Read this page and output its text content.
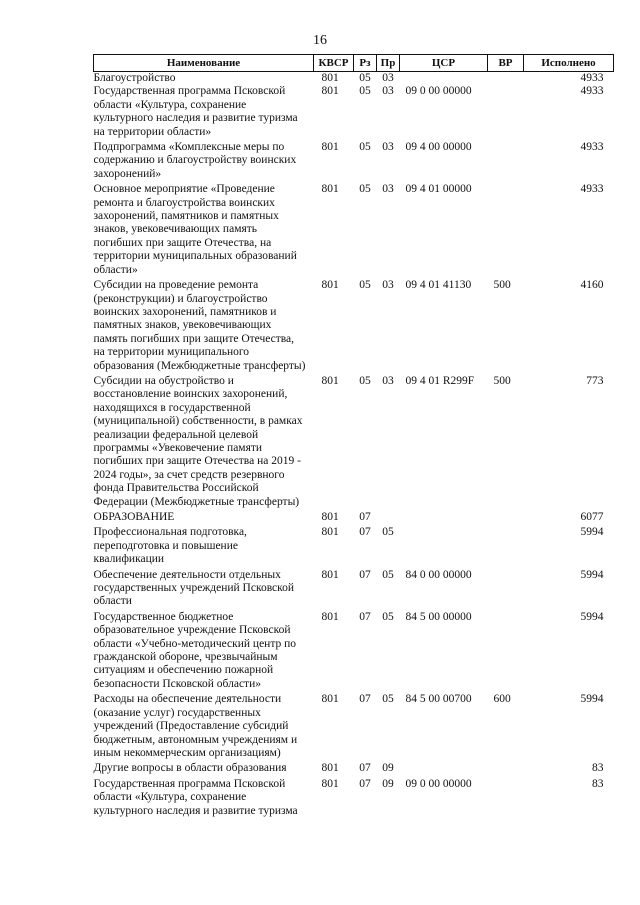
16
Наименование	КВСР	Рз	Пр	ЦСР	ВР	Исполнено
Благоустройство	801	05	03			4933
Государственная программа Псковской области «Культура, сохранение культурного наследия и развитие туризма на территории области»	801	05	03	09 0 00 00000		4933
Подпрограмма «Комплексные меры по содержанию и благоустройству воинских захоронений»	801	05	03	09 4 00 00000		4933
Основное мероприятие «Проведение ремонта и благоустройства воинских захоронений, памятников и памятных знаков, увековечивающих память погибших при защите Отечества, на территории муниципальных образований области»	801	05	03	09 4 01 00000		4933
Субсидии на проведение ремонта (реконструкции) и благоустройство воинских захоронений, памятников и памятных знаков, увековечивающих память погибших при защите Отечества, на территории муниципального образования (Межбюджетные трансферты)	801	05	03	09 4 01 41130	500	4160
Субсидии на обустройство и восстановление воинских захоронений, находящихся в государственной (муниципальной) собственности, в рамках реализации федеральной целевой программы «Увековечение памяти погибших при защите Отечества на 2019 - 2024 годы», за счет средств резервного фонда Правительства Российской Федерации (Межбюджетные трансферты)	801	05	03	09 4 01 R299F	500	773
ОБРАЗОВАНИЕ	801	07				6077
Профессиональная подготовка, переподготовка и повышение квалификации	801	07	05			5994
Обеспечение деятельности отдельных государственных учреждений Псковской области	801	07	05	84 0 00 00000		5994
Государственное бюджетное образовательное учреждение Псковской области «Учебно-методический центр по гражданской обороне, чрезвычайным ситуациям и обеспечению пожарной безопасности Псковской области»	801	07	05	84 5 00 00000		5994
Расходы на обеспечение деятельности (оказание услуг) государственных учреждений (Предоставление субсидий бюджетным, автономным учреждениям и иным некоммерческим организациям)	801	07	05	84 5 00 00700	600	5994
Другие вопросы в области образования	801	07	09			83
Государственная программа Псковской области «Культура, сохранение культурного наследия и развитие туризма	801	07	09	09 0 00 00000		83
